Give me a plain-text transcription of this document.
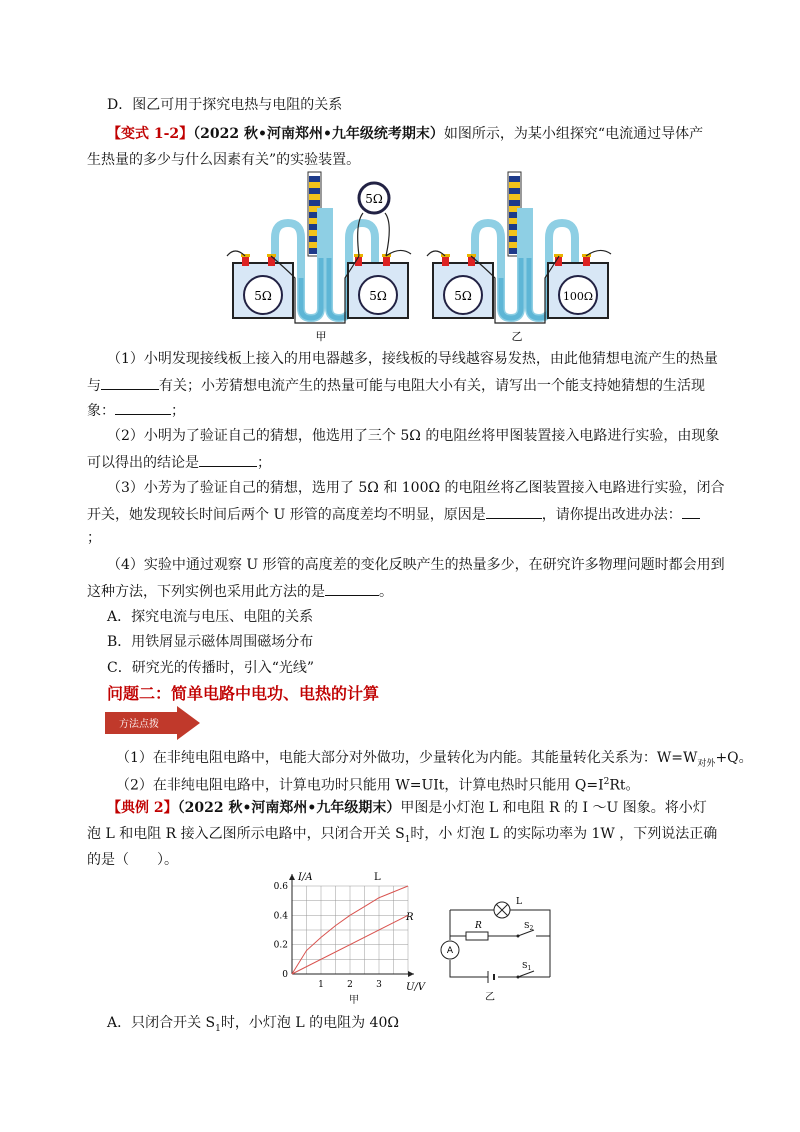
D．图乙可用于探究电热与电阻的关系
【变式 1-2】（2022 秋•河南郑州•九年级统考期末）如图所示，为某小组探究“电流通过导体产
生热量的多少与什么因素有关”的实验装置。
5Ω	5Ω
5Ω
5Ω	100Ω
甲	乙
（1）小明发现接线板上接入的用电器越多，接线板的导线越容易发热，由此他猜想电流产生的热量
与	有关；小芳猜想电流产生的热量可能与电阻大小有关，请写出一个能支持她猜想的生活现
象：	；
（2）小明为了验证自己的猜想，他选用了三个 5Ω 的电阻丝将甲图装置接入电路进行实验，由现象
可以得出的结论是	；
（3）小芳为了验证自己的猜想，选用了 5Ω 和 100Ω 的电阻丝将乙图装置接入电路进行实验，闭合
开关，她发现较长时间后两个 U 形管的高度差均不明显，原因是	，请你提出改进办法：
；
（4）实验中通过观察 U 形管的高度差的变化反映产生的热量多少，在研究许多物理问题时都会用到
这种方法，下列实例也采用此方法的是	。
A．探究电流与电压、电阻的关系
B．用铁屑显示磁体周围磁场分布
C．研究光的传播时，引入“光线”
问题二：简单电路中电功、电热的计算
方法点拨
（1）在非纯电阻电路中，电能大部分对外做功，少量转化为内能。其能量转化关系为：$W=W_{对外}+Q$。
（2）在非纯电阻电路中，计算电功时只能用 W=UIt，计算电热时只能用 $Q=I^2Rt$。
【典例 2】（2022 秋•河南郑州•九年级期末）甲图是小灯泡 L 和电阻 R 的 I ～U 图象。将小灯
泡 L 和电阻 R 接入乙图所示电路中，只闭合开关 $S_1$时，小 灯泡 L 的实际功率为 1W ，下列说法正确
的是（　　）。
0.6
0.4
0.2
0
1	2	3
I/A
U/V
L
R
甲
L
R	$S_2$
A
$S_1$
乙
A．只闭合开关 $S_1$时，小灯泡 L 的电阻为 40Ω
